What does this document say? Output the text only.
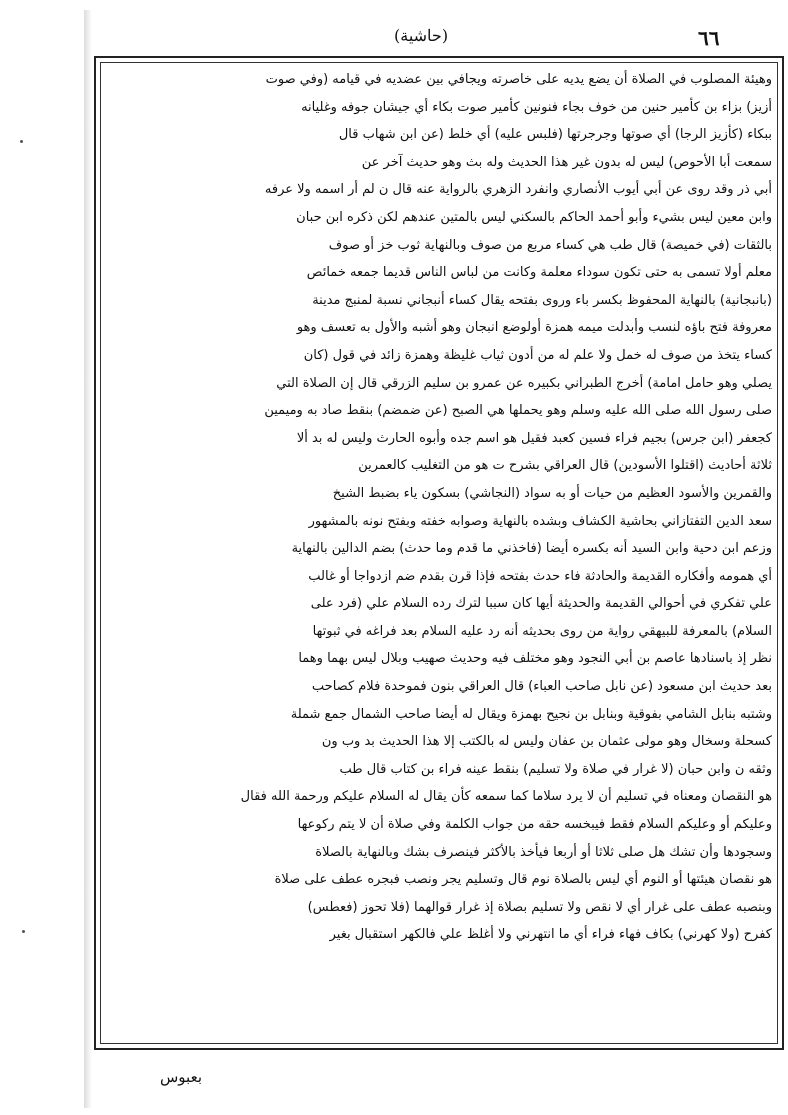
(حاشية)	٦٦
وهيئة المصلوب في الصلاة أن يضع يديه على خاصرته ويجافي بين عضديه في قيامه (وفي صوت
أزيز) بزاء بن كأمير حنين من خوف بجاء فنونين كأمير صوت بكاء أي جيشان جوفه وغليانه
ببكاء (كأزيز الرجا) أي صوتها وجرجرتها (فلبس عليه) أي خلط (عن ابن شهاب قال
سمعت أبا الأحوص) ليس له بدون غير هذا الحديث وله بث وهو حديث آخر عن
أبي ذر وقد روى عن أبي أيوب الأنصاري وانفرد الزهري بالرواية عنه قال ن لم أر اسمه ولا عرفه
وابن معين ليس بشيء وأبو أحمد الحاكم بالسكني ليس بالمتين عندهم لكن ذكره ابن حبان
بالثقات (في خميصة) قال طب هي كساء مربع من صوف وبالنهاية ثوب خز أو صوف
معلم أولا تسمى به حتى تكون سوداء معلمة وكانت من لباس الناس قديما جمعه خمائص
(بانبجانية) بالنهاية المحفوظ بكسر باء وروى بفتحه يقال كساء أنبجاني نسبة لمنبج مدينة
معروفة فتح باؤه لنسب وأبدلت ميمه همزة أولوضع انبجان وهو أشبه والأول به تعسف وهو
كساء يتخذ من صوف له خمل ولا علم له من أدون ثياب غليظة وهمزة زائد في قول (كان
يصلي وهو حامل امامة) أخرج الطبراني بكبيره عن عمرو بن سليم الزرقي قال إن الصلاة التي
صلى رسول الله صلى الله عليه وسلم وهو يحملها هي الصبح (عن ضمضم) بنقط صاد به وميمين
كجعفر (ابن جرس) بجيم فراء فسين كعبد فقيل هو اسم جده وأبوه الحارث وليس له بد ألا
ثلاثة أحاديث (اقتلوا الأسودين) قال العراقي بشرح ت هو من التغليب كالعمرين
والقمرين والأسود العظيم من حيات أو به سواد (النجاشي) بسكون ياء بضبط الشيخ
سعد الدين التفتازاني بحاشية الكشاف وبشده بالنهاية وصوابه خفته وبفتح نونه بالمشهور
وزعم ابن دحية وابن السيد أنه بكسره أيضا (فاخذني ما قدم وما حدث) بضم الدالين بالنهاية
أي همومه وأفكاره القديمة والحادثة فاء حدث بفتحه فإذا قرن بقدم ضم ازدواجا أو غالب
علي تفكري في أحوالي القديمة والحديثة أيها كان سببا لترك رده السلام علي (فرد على
السلام) بالمعرفة للبيهقي رواية من روى بحديثه أنه رد عليه السلام بعد فراغه في ثبوتها
نظر إذ باسنادها عاصم بن أبي النجود وهو مختلف فيه وحديث صهيب وبلال ليس بهما وهما
بعد حديث ابن مسعود (عن نابل صاحب العباء) قال العراقي بنون فموحدة فلام كصاحب
وشتبه بنابل الشامي بفوقية وبنابل بن نجيح بهمزة ويقال له أيضا صاحب الشمال جمع شملة
كسحلة وسخال وهو مولى عثمان بن عفان وليس له بالكتب إلا هذا الحديث بد وب ون
وثقه ن وابن حبان (لا غرار في صلاة ولا تسليم) بنقط عينه فراء بن كتاب قال طب
هو النقصان ومعناه في تسليم أن لا يرد سلاما كما سمعه كأن يقال له السلام عليكم ورحمة الله فقال
وعليكم أو وعليكم السلام فقط فيبخسه حقه من جواب الكلمة وفي صلاة أن لا يتم ركوعها
وسجودها وأن تشك هل صلى ثلاثا أو أربعا فيأخذ بالأكثر فينصرف بشك وبالنهاية بالصلاة
هو نقصان هيئتها أو النوم أي ليس بالصلاة نوم قال وتسليم يجر ونصب فبجره عطف على صلاة
وبنصبه عطف على غرار أي لا نقص ولا تسليم بصلاة إذ غرار قوالهما (فلا تحوز (فعطس)
كفرح (ولا كهرني) بكاف فهاء فراء أي ما انتهرني ولا أغلظ علي فالكهر استقبال بغير
بعبوس
